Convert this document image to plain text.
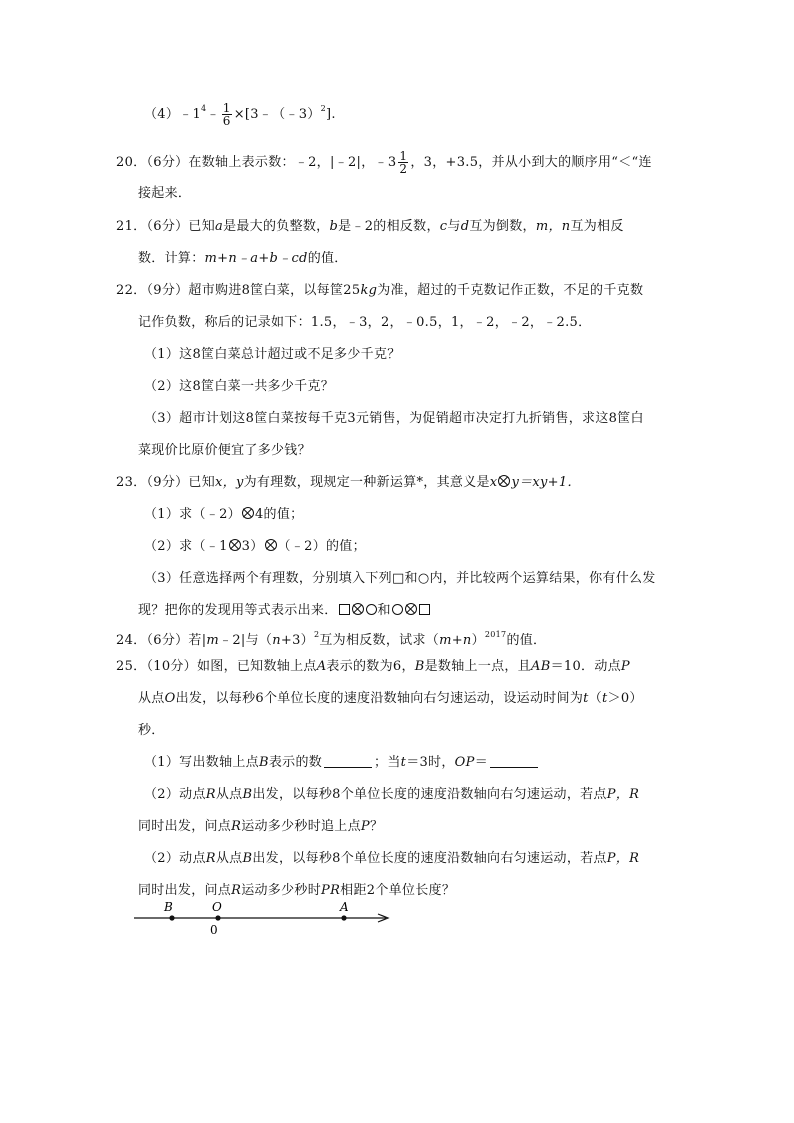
$(4)﹣1^4﹣ \frac{1}{6}$ ×[3﹣（﹣3）$^2$].
20．（6分）在数轴上表示数：﹣2，|﹣2|，﹣3 $\frac{1}{2}$ ，3，+3.5，并从小到大的顺序用“＜“连
接起来．
21．（6分）已知a是最大的负整数，b是﹣2的相反数，c与d互为倒数，m，n互为相反
数．计算：m+n﹣a+b﹣cd的值．
22．（9分）超市购进8筐白菜，以每筐25kg为准，超过的千克数记作正数，不足的千克数
记作负数，称后的记录如下：1.5，﹣3，2，﹣0.5，1，﹣2，﹣2，﹣2.5．
（1）这8筐白菜总计超过或不足多少千克？
（2）这8筐白菜一共多少千克？
（3）超市计划这8筐白菜按每千克3元销售，为促销超市决定打九折销售，求这8筐白
菜现价比原价便宜了多少钱？
23．（9分）已知x，y为有理数，现规定一种新运算*，其意义是x y＝xy+1．
（1）求（﹣2） 4的值；
（2）求（﹣1 3） （﹣2）的值；
（3）任意选择两个有理数，分别填入下列□和○内，并比较两个运算结果，你有什么发
现？把你的发现用等式表示出来．	和
24．（6分）若|m﹣2|与$(n+3)^2$互为相反数，试求$(m+n)^{2017}$的值．
25．（10分）如图，已知数轴上点A表示的数为6，B是数轴上一点，且AB＝10．动点P
从点O出发，以每秒6个单位长度的速度沿数轴向右匀速运动，设运动时间为t（t＞0）
秒．
（1）写出数轴上点B表示的数	；当t＝3时，OP＝
（2）动点R从点B出发，以每秒8个单位长度的速度沿数轴向右匀速运动，若点P，R
同时出发，问点R运动多少秒时追上点P？
（2）动点R从点B出发，以每秒8个单位长度的速度沿数轴向右匀速运动，若点P，R
同时出发，问点R运动多少秒时PR相距2个单位长度？
B	O	A
0
